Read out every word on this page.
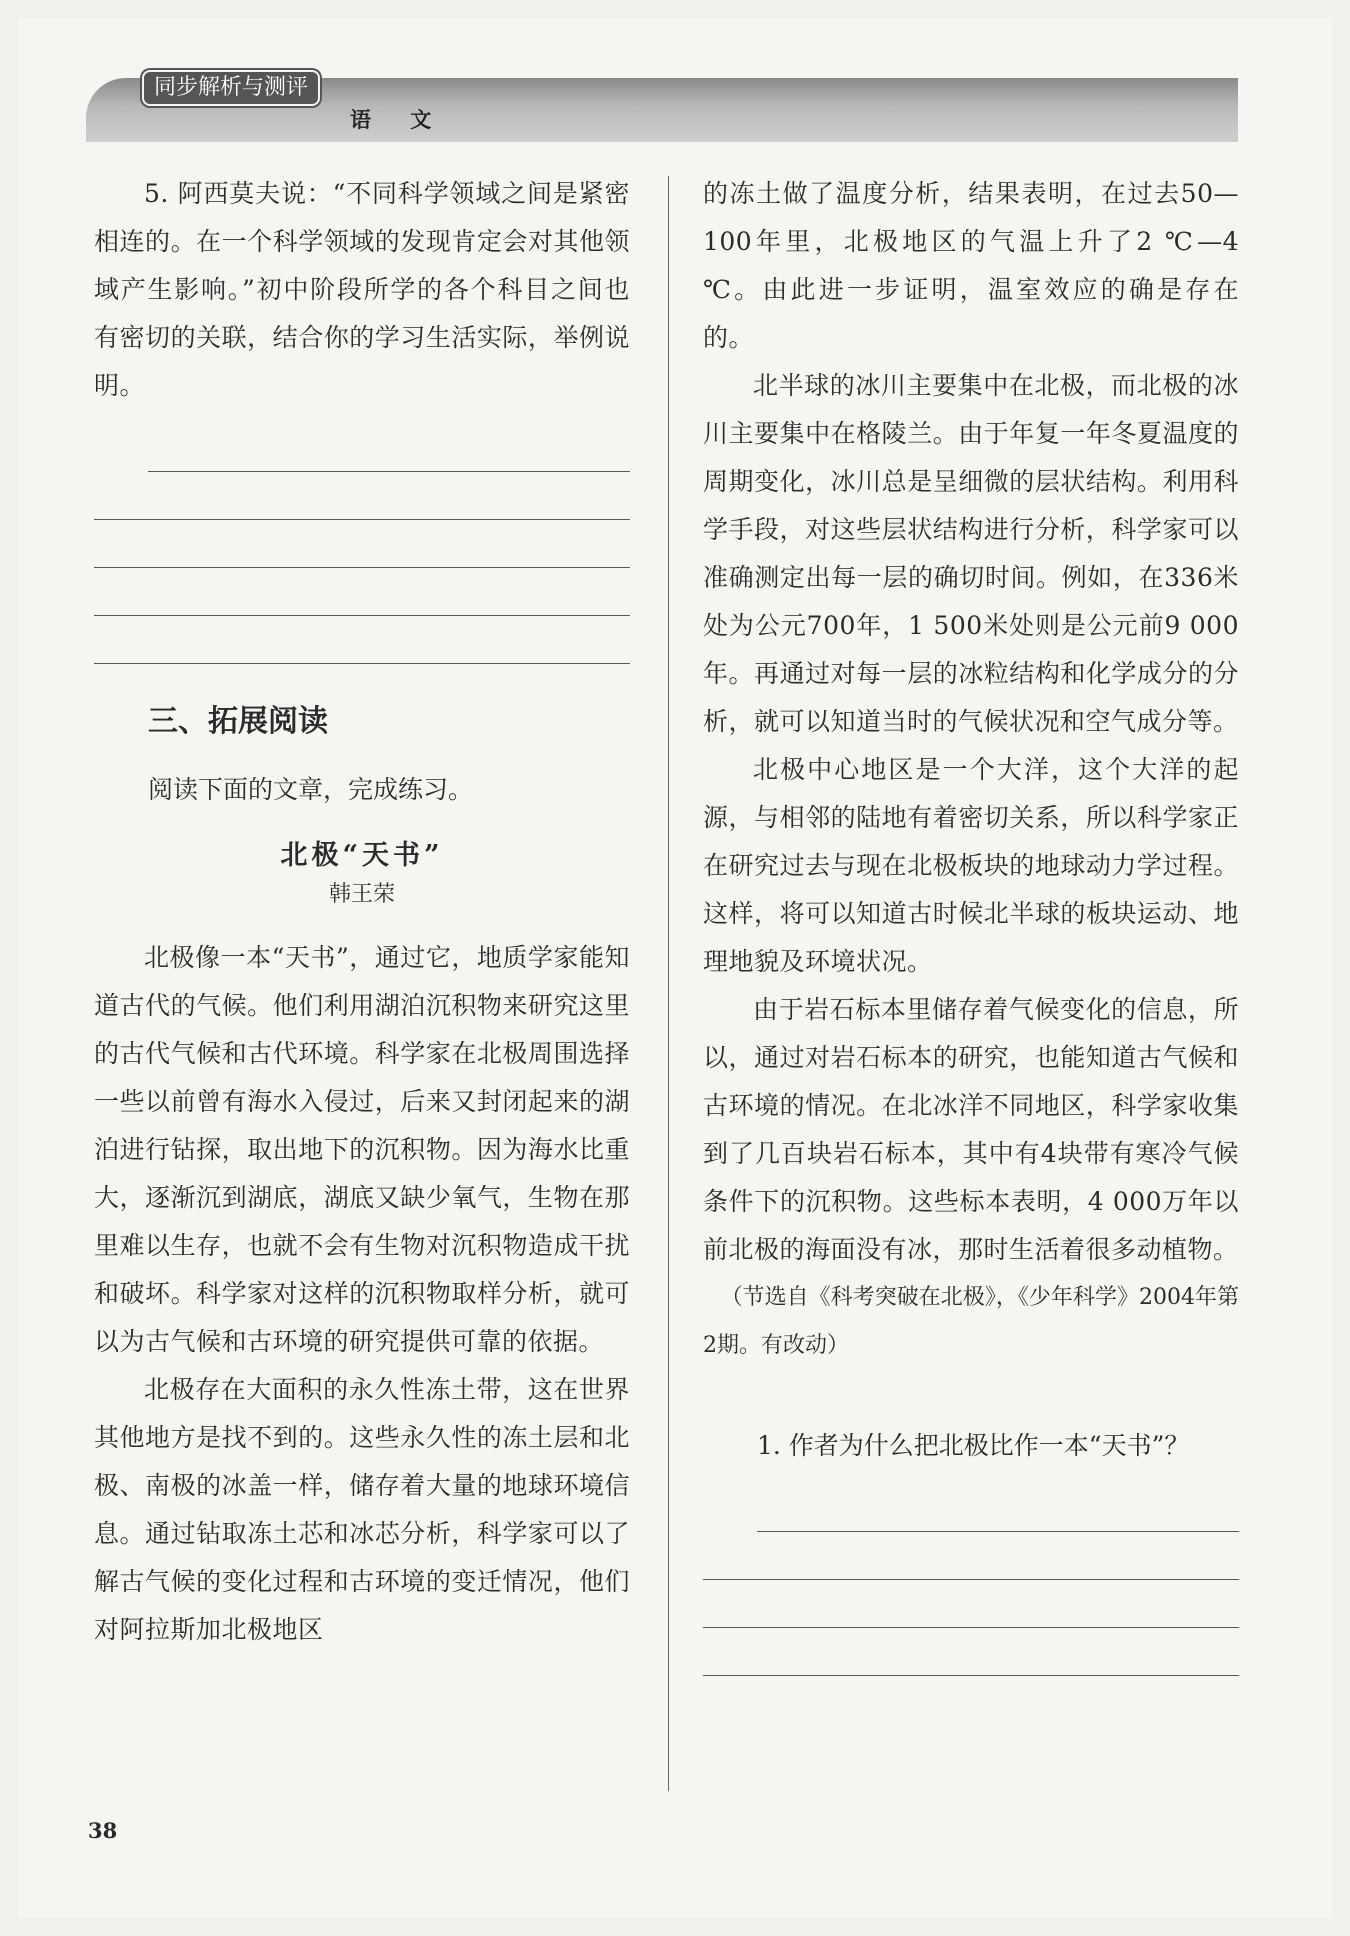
同步解析与测评
语 文

5. 阿西莫夫说：“不同科学领域之间是紧密相连的。在一个科学领域的发现肯定会对其他领域产生影响。”初中阶段所学的各个科目之间也有密切的关联，结合你的学习生活实际，举例说明。

三、拓展阅读
阅读下面的文章，完成练习。
北极“天书”
韩王荣

北极像一本“天书”，通过它，地质学家能知道古代的气候。他们利用湖泊沉积物来研究这里的古代气候和古代环境。科学家在北极周围选择一些以前曾有海水入侵过，后来又封闭起来的湖泊进行钻探，取出地下的沉积物。因为海水比重大，逐渐沉到湖底，湖底又缺少氧气，生物在那里难以生存，也就不会有生物对沉积物造成干扰和破坏。科学家对这样的沉积物取样分析，就可以为古气候和古环境的研究提供可靠的依据。

北极存在大面积的永久性冻土带，这在世界其他地方是找不到的。这些永久性的冻土层和北极、南极的冰盖一样，储存着大量的地球环境信息。通过钻取冻土芯和冰芯分析，科学家可以了解古气候的变化过程和古环境的变迁情况，他们对阿拉斯加北极地区

的冻土做了温度分析，结果表明，在过去50—100年里，北极地区的气温上升了2 ℃—4 ℃。由此进一步证明，温室效应的确是存在的。

北半球的冰川主要集中在北极，而北极的冰川主要集中在格陵兰。由于年复一年冬夏温度的周期变化，冰川总是呈细微的层状结构。利用科学手段，对这些层状结构进行分析，科学家可以准确测定出每一层的确切时间。例如，在336米处为公元700年，1 500米处则是公元前9 000年。再通过对每一层的冰粒结构和化学成分的分析，就可以知道当时的气候状况和空气成分等。

北极中心地区是一个大洋，这个大洋的起源，与相邻的陆地有着密切关系，所以科学家正在研究过去与现在北极板块的地球动力学过程。这样，将可以知道古时候北半球的板块运动、地理地貌及环境状况。

由于岩石标本里储存着气候变化的信息，所以，通过对岩石标本的研究，也能知道古气候和古环境的情况。在北冰洋不同地区，科学家收集到了几百块岩石标本，其中有4块带有寒冷气候条件下的沉积物。这些标本表明，4 000万年以前北极的海面没有冰，那时生活着很多动植物。

（节选自《科考突破在北极》，《少年科学》2004年第2期。有改动）

1. 作者为什么把北极比作一本“天书”？
38
